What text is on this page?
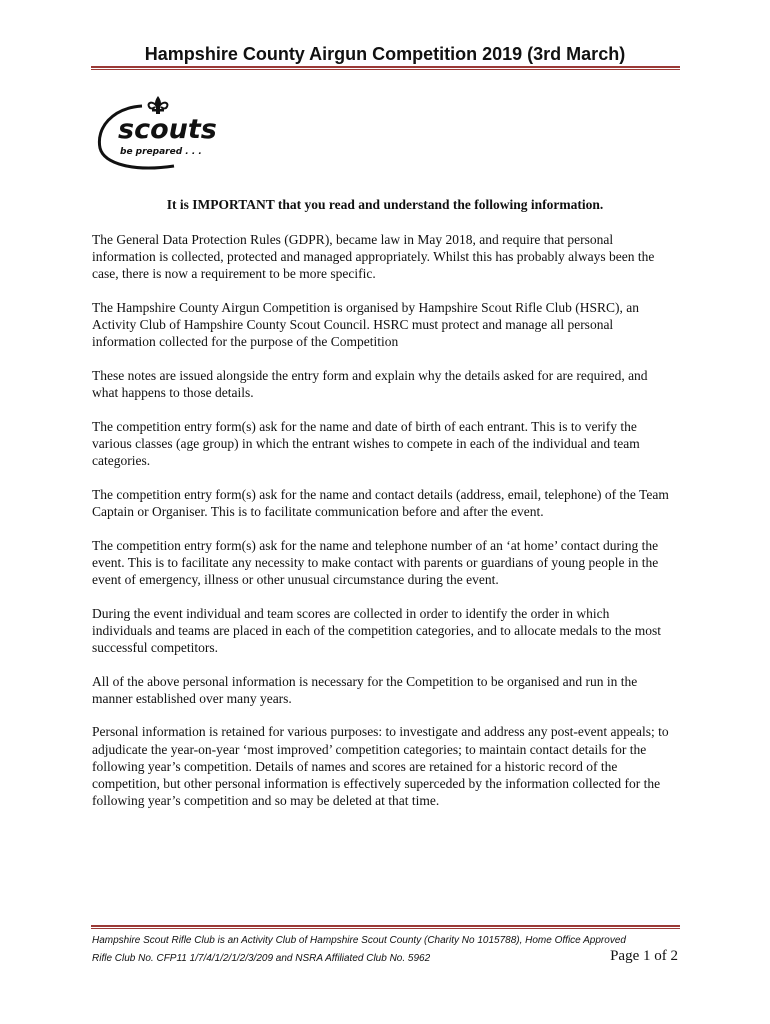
Hampshire County Airgun Competition 2019 (3rd March)
scouts
be prepared . . .
It is IMPORTANT that you read and understand the following information.

The General Data Protection Rules (GDPR), became law in May 2018, and require that personal information is collected, protected and managed appropriately. Whilst this has probably always been the case, there is now a requirement to be more specific.

The Hampshire County Airgun Competition is organised by Hampshire Scout Rifle Club (HSRC), an Activity Club of Hampshire County Scout Council. HSRC must protect and manage all personal information collected for the purpose of the Competition

These notes are issued alongside the entry form and explain why the details asked for are required, and what happens to those details.

The competition entry form(s) ask for the name and date of birth of each entrant. This is to verify the various classes (age group) in which the entrant wishes to compete in each of the individual and team categories.

The competition entry form(s) ask for the name and contact details (address, email, telephone) of the Team Captain or Organiser. This is to facilitate communication before and after the event.

The competition entry form(s) ask for the name and telephone number of an ‘at home’ contact during the event. This is to facilitate any necessity to make contact with parents or guardians of young people in the event of emergency, illness or other unusual circumstance during the event.

During the event individual and team scores are collected in order to identify the order in which individuals and teams are placed in each of the competition categories, and to allocate medals to the most successful competitors.

All of the above personal information is necessary for the Competition to be organised and run in the manner established over many years.

Personal information is retained for various purposes: to investigate and address any post-event appeals; to adjudicate the year-on-year ‘most improved’ competition categories; to maintain contact details for the following year’s competition. Details of names and scores are retained for a historic record of the competition, but other personal information is effectively superceded by the information collected for the following year’s competition and so may be deleted at that time.

Hampshire Scout Rifle Club is an Activity Club of Hampshire Scout County (Charity No 1015788), Home Office Approved
Rifle Club No. CFP11 1/7/4/1/2/1/2/3/209 and NSRA Affiliated Club No. 5962	Page 1 of 2
